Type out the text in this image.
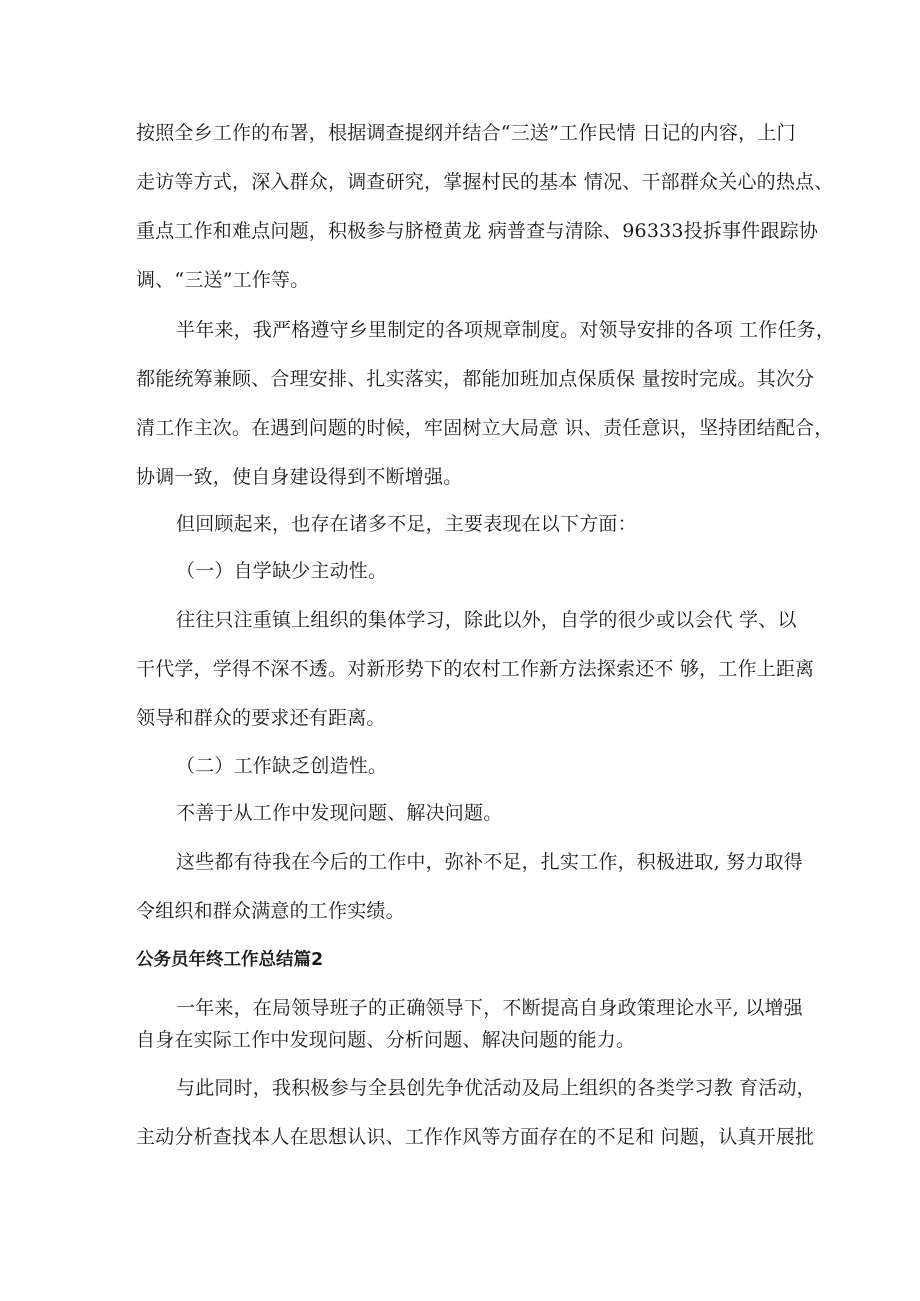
按照全乡工作的布署，根据调查提纲并结合“三送”工作民情 日记的内容，上门
走访等方式，深入群众，调查研究，掌握村民的基本 情况、干部群众关心的热点、
重点工作和难点问题，积极参与脐橙黄龙 病普查与清除、96333投拆事件跟踪协
调、“三送”工作等。
半年来，我严格遵守乡里制定的各项规章制度。对领导安排的各项 工作任务，
都能统筹兼顾、合理安排、扎实落实，都能加班加点保质保 量按时完成。其次分
清工作主次。在遇到问题的时候，牢固树立大局意 识、责任意识，坚持团结配合，
协调一致，使自身建设得到不断增强。
但回顾起来，也存在诸多不足，主要表现在以下方面：
（一）自学缺少主动性。
往往只注重镇上组织的集体学习，除此以外，自学的很少或以会代 学、以
干代学，学得不深不透。对新形势下的农村工作新方法探索还不 够，工作上距离
领导和群众的要求还有距离。
（二）工作缺乏创造性。
不善于从工作中发现问题、解决问题。
这些都有待我在今后的工作中，弥补不足，扎实工作，积极进取, 努力取得
令组织和群众满意的工作实绩。
公务员年终工作总结篇2
一年来，在局领导班子的正确领导下，不断提高自身政策理论水平, 以增强
自身在实际工作中发现问题、分析问题、解决问题的能力。
与此同时，我积极参与全县创先争优活动及局上组织的各类学习教 育活动，
主动分析查找本人在思想认识、工作作风等方面存在的不足和 问题，认真开展批
